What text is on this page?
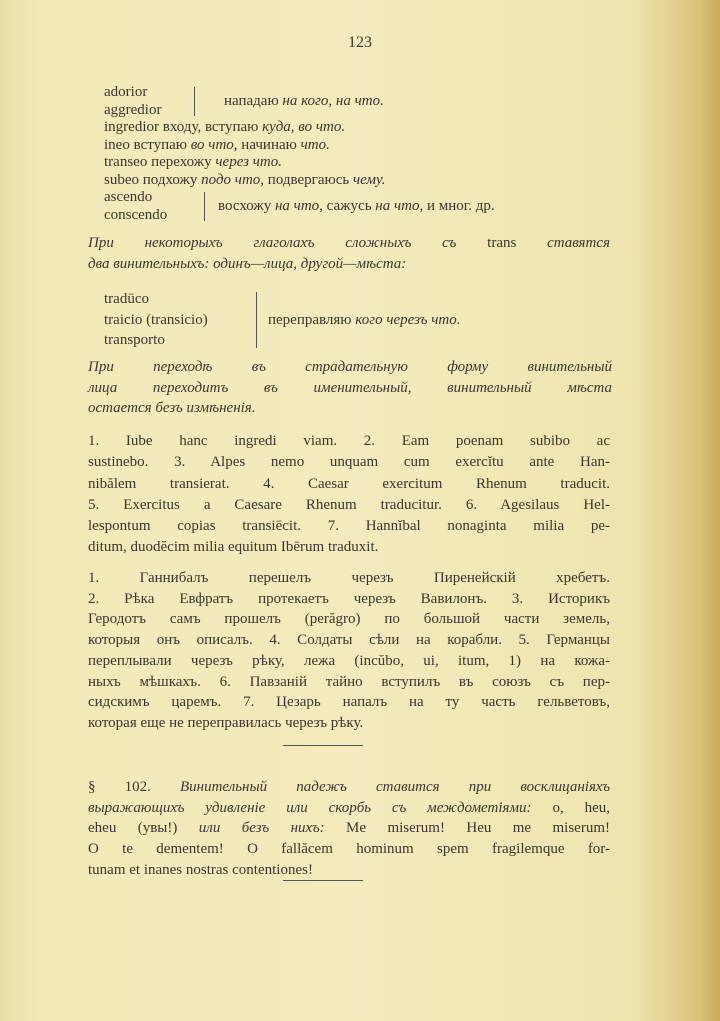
123
adorior
aggredior
нападаю на кого, на что.
ingredior входу, вступаю куда, во что.
ineo вступаю во что, начинаю что.
transeo перехожу через что.
subeo подхожу подо что, подвергаюсь чему.
ascendo
conscendo
восхожу на что, сажусь на что, и мног. др.
При некоторыхъ глаголахъ сложныхъ съ trans ставятся
два винительныхъ: одинъ—лица, другой—мѣста:
tradūco
traicio (transicio)
transporto
переправляю кого черезъ что.
При переходѣ въ страдательную форму винительный
лица переходитъ въ именительный, винительный мѣста
остается безъ измѣненія.
1. Iube hanc ingredi viam. 2. Eam poenam subibo ac
sustinebo. 3. Alpes nemo unquam cum exercĭtu ante Han-
nibălem transierat. 4. Caesar exercitum Rhenum traducit.
5. Exercitus a Caesare Rhenum traducitur. 6. Agesilaus Hel-
lespontum copias transiēcit. 7. Hannĭbal nonaginta milia pe-
ditum, duodĕcim milia equitum Ibērum traduxit.
1. Ганнибалъ перешелъ черезъ Пиренейскій хребетъ.
2. Рѣка Евфратъ протекаетъ черезъ Вавилонъ. 3. Историкъ
Геродотъ самъ прошелъ (perăgro) по большой части земель,
которыя онъ описалъ. 4. Солдаты сѣли на корабли. 5. Германцы
переплывали черезъ рѣку, лежа (incŭbo, ui, itum, 1) на кожа-
ныхъ мѣшкахъ. 6. Павзаній тайно вступилъ въ союзъ съ пер-
сидскимъ царемъ. 7. Цезарь напалъ на ту часть гельветовъ,
которая еще не переправилась черезъ рѣку.
§ 102. Винительный падежъ ставится при восклицаніяхъ
выражающихъ удивленіе или скорбь съ междометіями: o, heu,
eheu (увы!) или безъ нихъ: Me miserum! Heu me miserum!
O te dementem! O fallăcem hominum spem fragilemque for-
tunam et inanes nostras contentiones!
